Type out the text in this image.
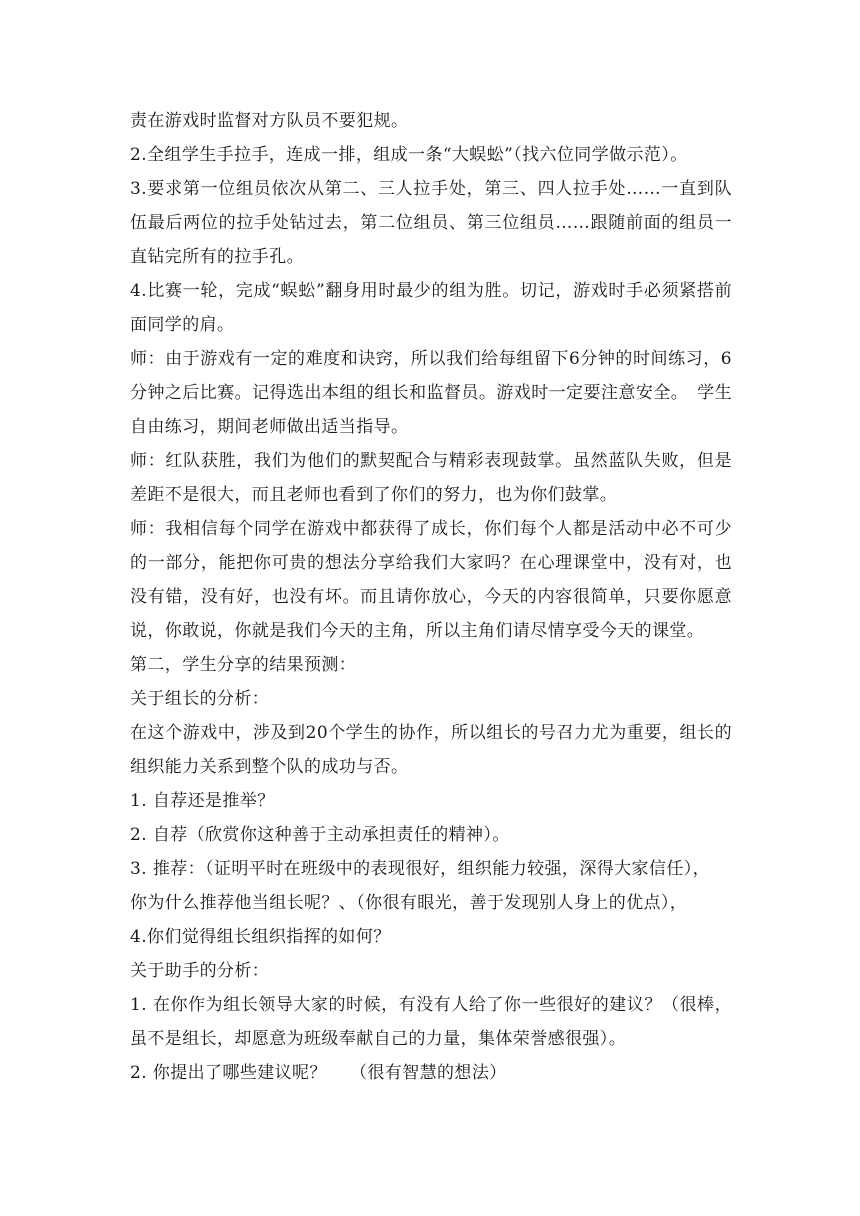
责在游戏时监督对方队员不要犯规。

2.全组学生手拉手，连成一排，组成一条“大蜈蚣”（找六位同学做示范）。

3.要求第一位组员依次从第二、三人拉手处，第三、四人拉手处……一直到队伍最后两位的拉手处钻过去，第二位组员、第三位组员……跟随前面的组员一直钻完所有的拉手孔。

4.比赛一轮，完成“蜈蚣”翻身用时最少的组为胜。切记，游戏时手必须紧搭前面同学的肩。

师：由于游戏有一定的难度和诀窍，所以我们给每组留下6分钟的时间练习，6分钟之后比赛。记得选出本组的组长和监督员。游戏时一定要注意安全。　学生自由练习，期间老师做出适当指导。

师：红队获胜，我们为他们的默契配合与精彩表现鼓掌。虽然蓝队失败，但是差距不是很大，而且老师也看到了你们的努力，也为你们鼓掌。

师：我相信每个同学在游戏中都获得了成长，你们每个人都是活动中必不可少的一部分，能把你可贵的想法分享给我们大家吗？在心理课堂中，没有对，也没有错，没有好，也没有坏。而且请你放心，今天的内容很简单，只要你愿意说，你敢说，你就是我们今天的主角，所以主角们请尽情享受今天的课堂。

第二，学生分享的结果预测：

关于组长的分析：

在这个游戏中，涉及到20个学生的协作，所以组长的号召力尤为重要，组长的组织能力关系到整个队的成功与否。

1. 自荐还是推举？

2. 自荐（欣赏你这种善于主动承担责任的精神）。

3. 推荐：（证明平时在班级中的表现很好，组织能力较强，深得大家信任），

你为什么推荐他当组长呢？、（你很有眼光，善于发现别人身上的优点），

4.你们觉得组长组织指挥的如何？

关于助手的分析：

1. 在你作为组长领导大家的时候，有没有人给了你一些很好的建议？（很棒，虽不是组长，却愿意为班级奉献自己的力量，集体荣誉感很强）。

2. 你提出了哪些建议呢？　 （很有智慧的想法）
